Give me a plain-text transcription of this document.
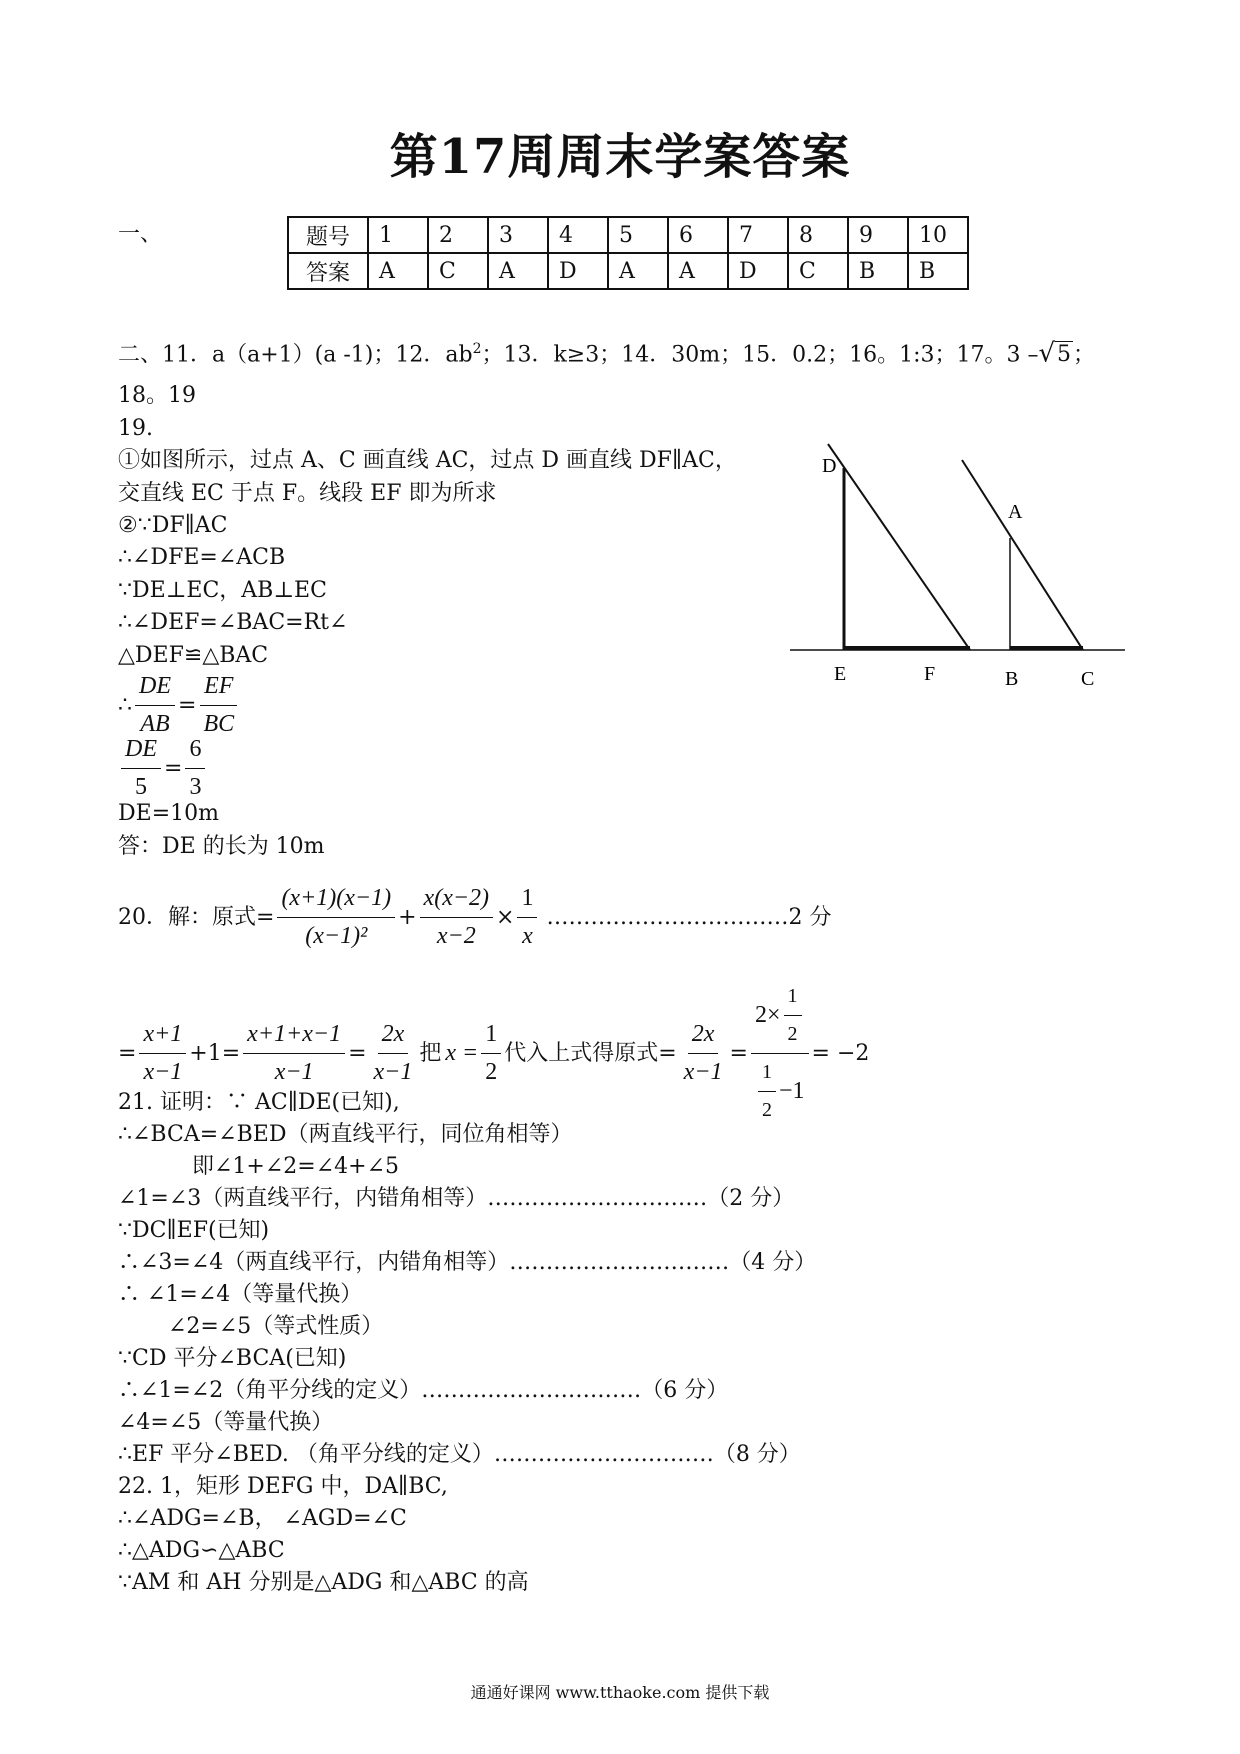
第17周周末学案答案
一、	题号	1	2	3	4	5	6	7	8	9	10
答案	A	C	A	D	A	A	D	C	B	B
二、11．a（a+1）(a -1)；12．$ab^2$；13．k≥3；14．30m；15．0.2；16。1:3；17。3 –√5；
18。19
19.
①如图所示，过点 A、C 画直线 AC，过点 D 画直线 DF∥AC，
交直线 EC 于点 F。线段 EF 即为所求
②∵DF∥AC
∴∠DFE=∠ACB
∵DE⊥EC，AB⊥EC
∴∠DEF=∠BAC=Rt∠
△DEF≌△BAC
∴ $\frac{DE}{AB} = \frac{EF}{BC}$
$\frac{DE}{5} = \frac{6}{3}$
DE=10m
答：DE 的长为 10m
D
A
E	F	B	C
20．解：原式= $\frac{(x+1)(x-1)}{\text{(x−1)²}} + \frac{x(x-2)}{x-2} \times \frac{1}{x}$ ……………………………2 分
= $\frac{x+1}{x-1} +1= \frac{x+1+x-1}{x-1} = \frac{2x}{x-1}$ 把 $x = \frac{1}{2}$ 代入上式得原式= $\frac{2x}{x-1} = \frac{2\times \frac{1}{2}}{\frac{1}{2} -1} = -2$
21. 证明：∵ AC∥DE(已知),
∴∠BCA=∠BED（两直线平行，同位角相等）
即∠1+∠2=∠4+∠5
∠1=∠3（两直线平行，内错角相等）…………………………（2 分）
∵DC∥EF(已知)
∴∠3=∠4（两直线平行，内错角相等）…………………………（4 分）
∴ ∠1=∠4（等量代换）
∠2=∠5（等式性质）
∵CD 平分∠BCA(已知)
∴∠1=∠2（角平分线的定义）…………………………（6 分）
∠4=∠5（等量代换）
∴EF 平分∠BED. （角平分线的定义）…………………………（8 分）
22. 1，矩形 DEFG 中，DA∥BC,
∴∠ADG=∠B， ∠AGD=∠C
∴△ADG∽△ABC
∵AM 和 AH 分别是△ADG 和△ABC 的高
通通好课网 www.tthaoke.com 提供下载
